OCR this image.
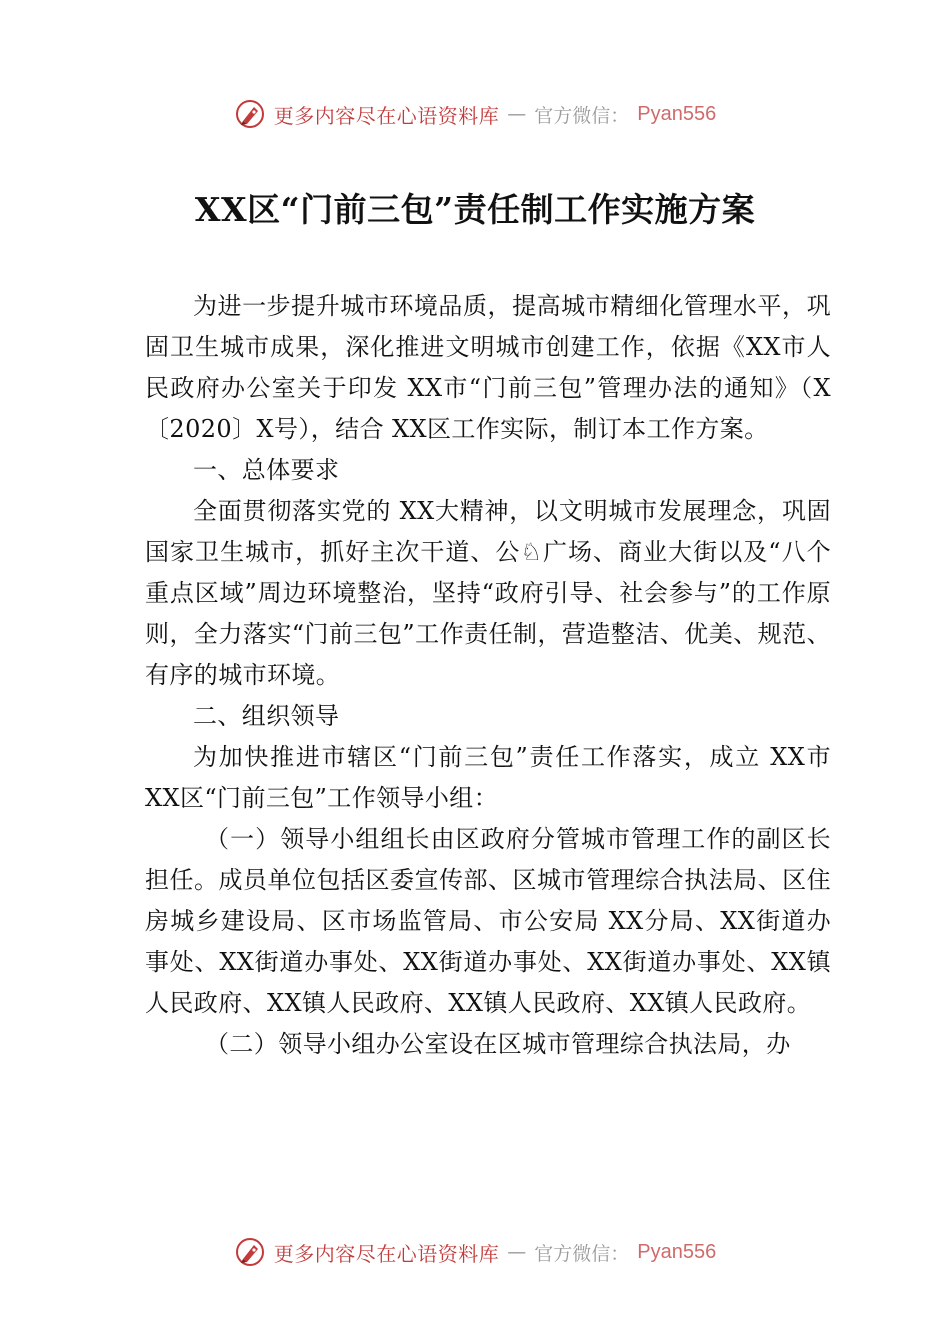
更多内容尽在心语资料库 — 官方微信： Pyan556
XX区“门前三包”责任制工作实施方案

为进一步提升城市环境品质，提高城市精细化管理水平，巩固卫生城市成果，深化推进文明城市创建工作，依据《XX市人民政府办公室关于印发 XX市“门前三包”管理办法的通知》（X〔2020〕X号），结合 XX区工作实际，制订本工作方案。

一、总体要求

全面贯彻落实党的 XX大精神，以文明城市发展理念，巩固国家卫生城市，抓好主次干道、公♘广场、商业大街以及“八个重点区域”周边环境整治，坚持“政府引导、社会参与”的工作原则，全力落实“门前三包”工作责任制，营造整洁、优美、规范、有序的城市环境。

二、组织领导

为加快推进市辖区“门前三包”责任工作落实，成立 XX市 XX区“门前三包”工作领导小组：

（一）领导小组组长由区政府分管城市管理工作的副区长担任。成员单位包括区委宣传部、区城市管理综合执法局、区住房城乡建设局、区市场监管局、市公安局 XX分局、XX街道办事处、XX街道办事处、XX街道办事处、XX街道办事处、XX镇人民政府、XX镇人民政府、XX镇人民政府、XX镇人民政府。

（二）领导小组办公室设在区城市管理综合执法局，办

更多内容尽在心语资料库 — 官方微信： Pyan556
